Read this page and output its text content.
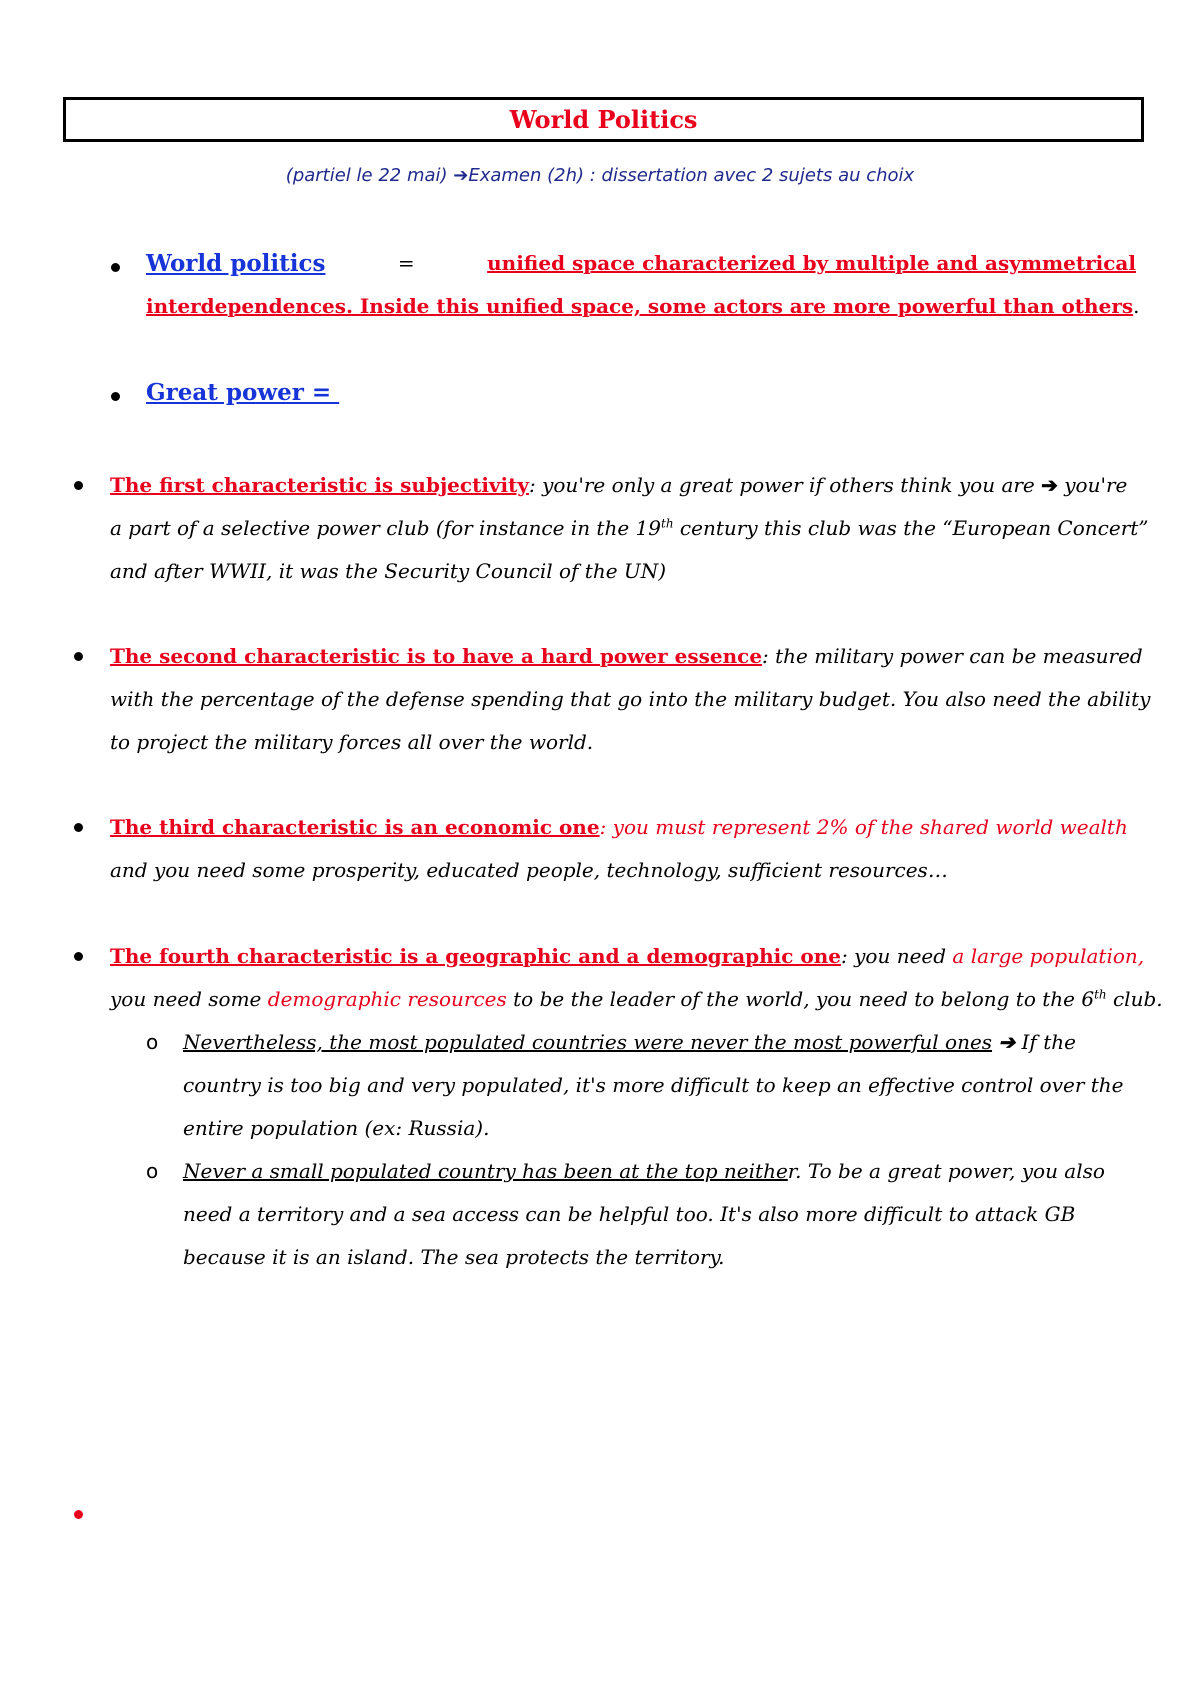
World Politics
(partiel le 22 mai) ➔Examen (2h) : dissertation avec 2 sujets au choix
World politics	=	unified space characterized by multiple and asymmetrical
interdependences. Inside this unified space, some actors are more powerful than others.
Great power =
The first characteristic is subjectivity: you're only a great power if others think you are ➔ you're
a part of a selective power club (for instance in the 19th century this club was the “European Concert”
and after WWII, it was the Security Council of the UN)
The second characteristic is to have a hard power essence: the military power can be measured
with the percentage of the defense spending that go into the military budget. You also need the ability
to project the military forces all over the world.
The third characteristic is an economic one: you must represent 2% of the shared world wealth
and you need some prosperity, educated people, technology, sufficient resources…
The fourth characteristic is a geographic and a demographic one: you need a large population,
you need some demographic resources to be the leader of the world, you need to belong to the 6th club.
o Nevertheless, the most populated countries were never the most powerful ones ➔ If the
country is too big and very populated, it's more difficult to keep an effective control over the
entire population (ex: Russia).
o Never a small populated country has been at the top neither. To be a great power, you also
need a territory and a sea access can be helpful too. It's also more difficult to attack GB
because it is an island. The sea protects the territory.
